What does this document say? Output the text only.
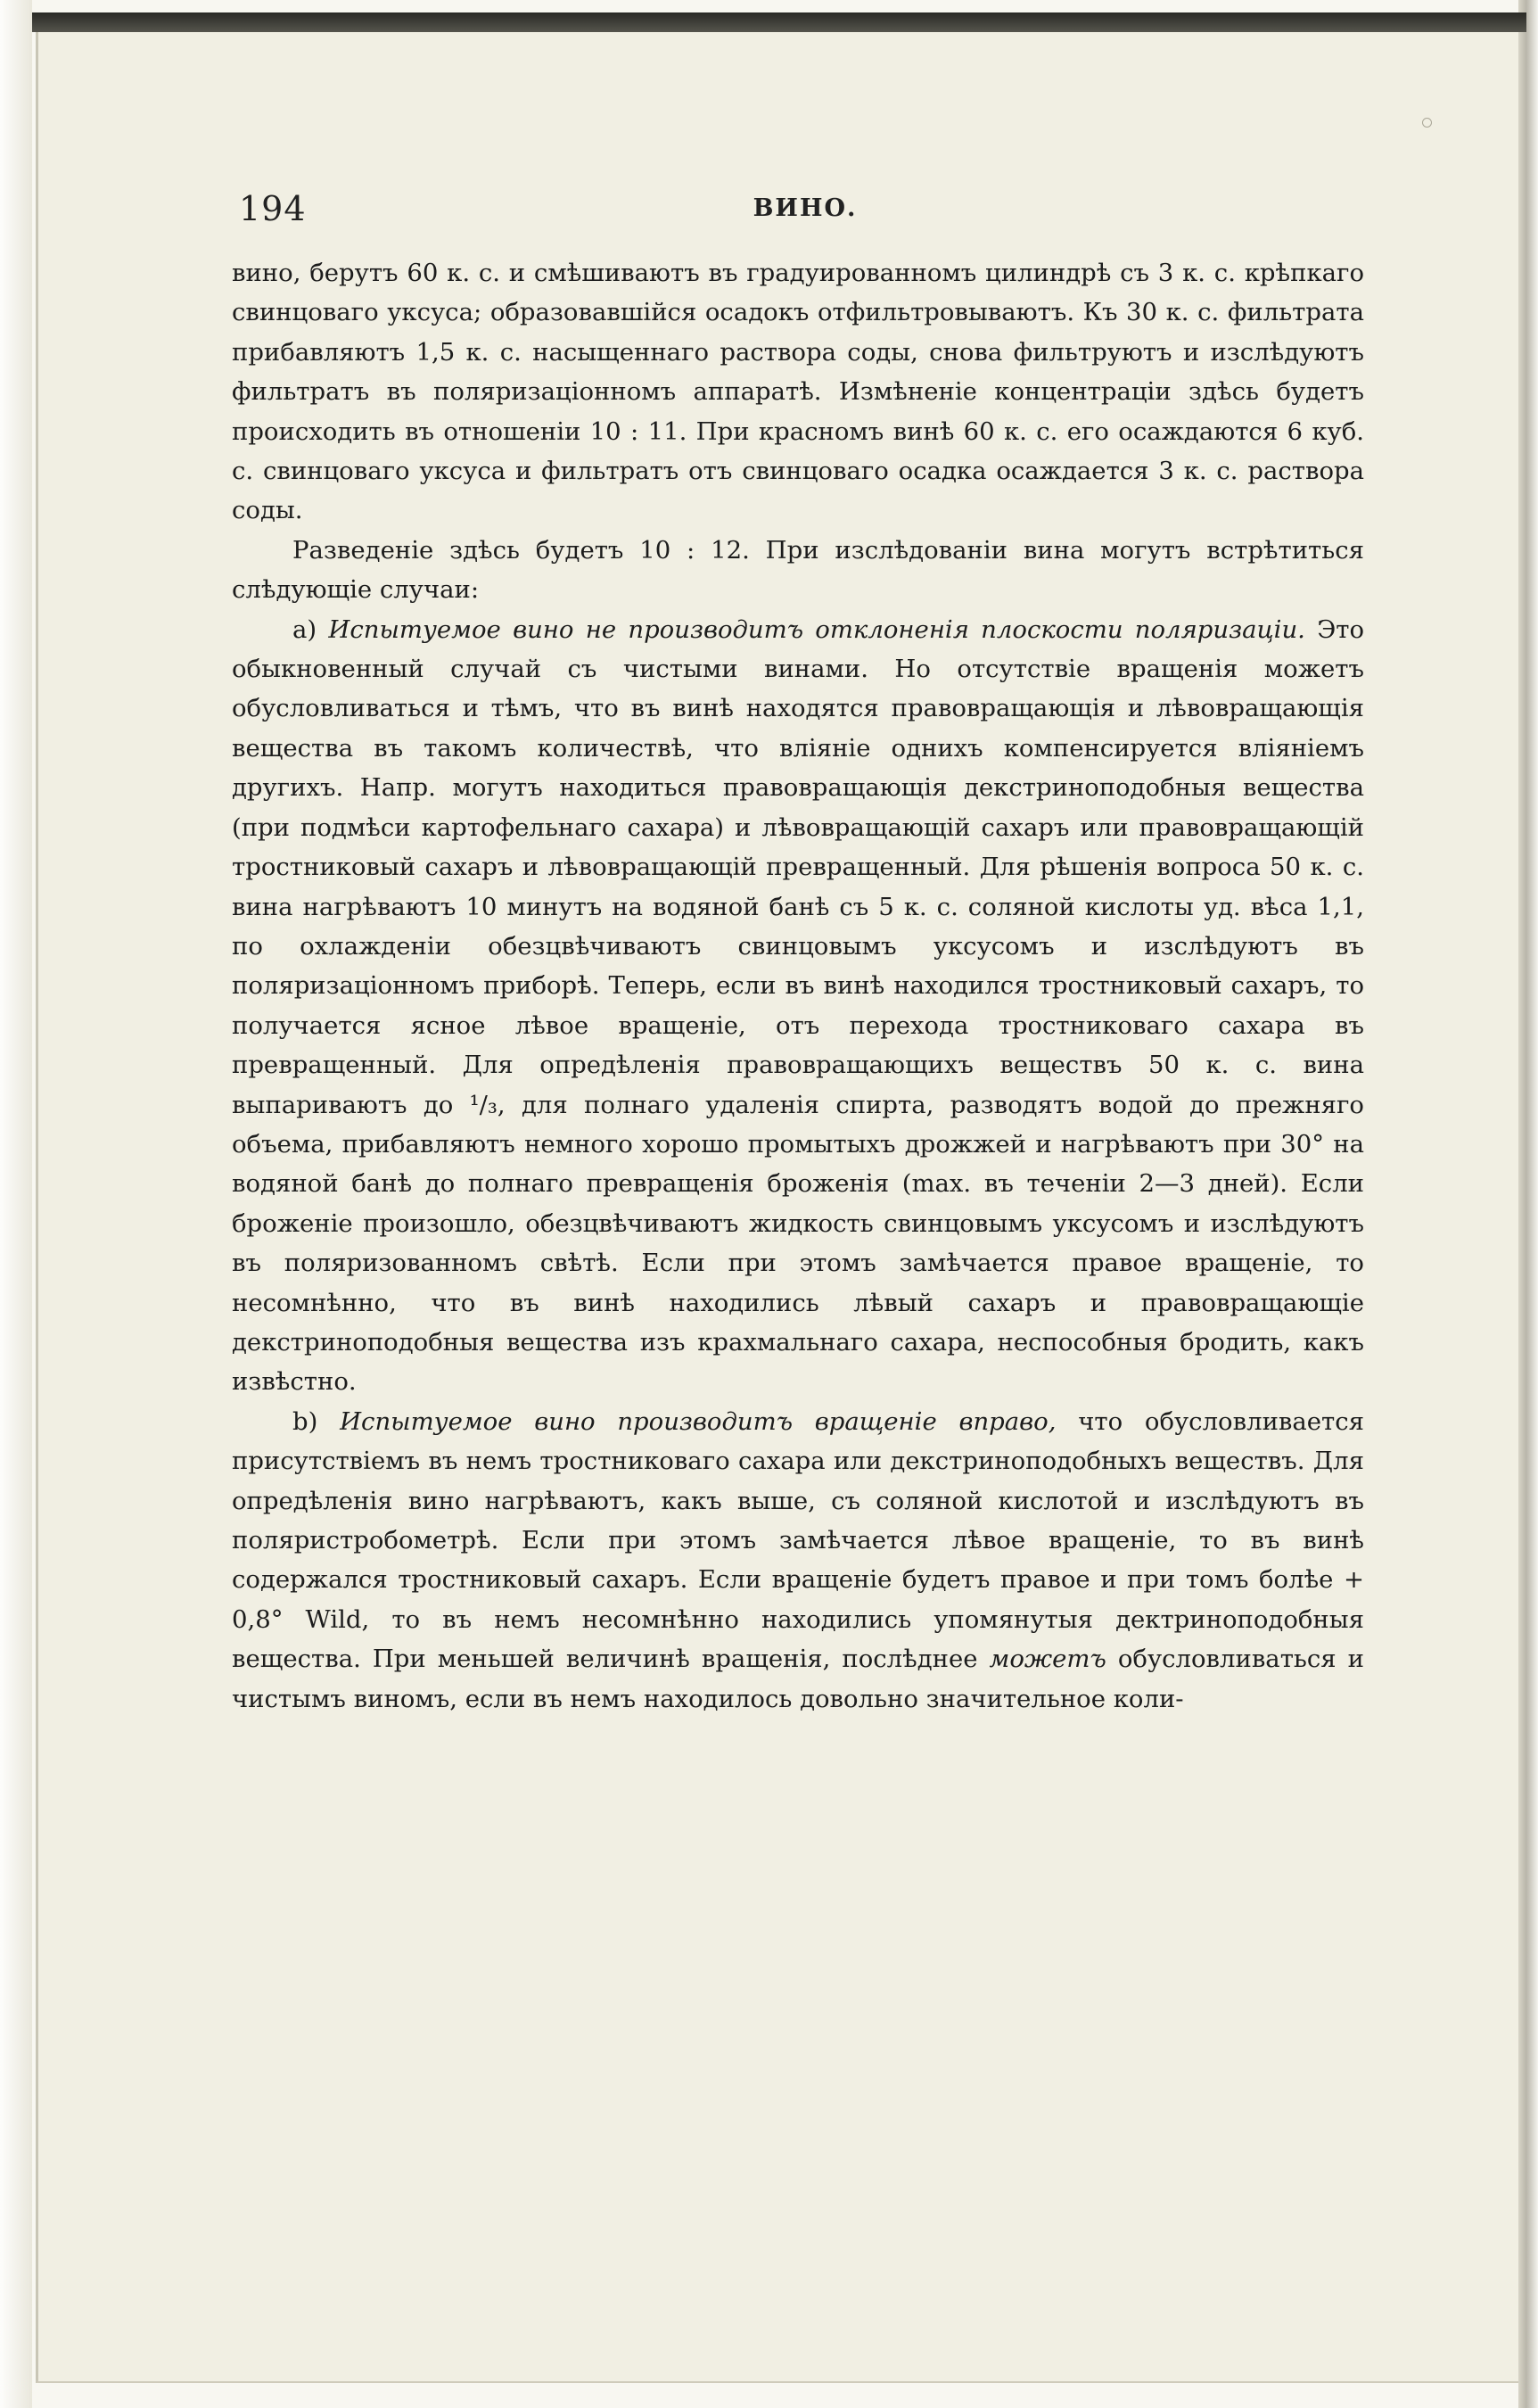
194	ВИНО.

вино, берутъ 60 к. с. и смѣшиваютъ въ градуированномъ цилиндрѣ съ 3 к. с. крѣпкаго свинцоваго уксуса; образовавшійся осадокъ отфильтровываютъ. Къ 30 к. с. фильтрата прибавляютъ 1,5 к. с. насыщеннаго раствора соды, снова фильтруютъ и изслѣдуютъ фильтратъ въ поляризаціонномъ аппаратѣ. Измѣненіе концентраціи здѣсь будетъ происходить въ отношеніи 10 : 11. При красномъ винѣ 60 к. с. его осаждаются 6 куб. с. свинцоваго уксуса и фильтратъ отъ свинцоваго осадка осаждается 3 к. с. раствора соды.

Разведеніе здѣсь будетъ 10 : 12. При изслѣдованіи вина могутъ встрѣтиться слѣдующіе случаи:

a) Испытуемое вино не производитъ отклоненія плоскости поляризаціи. Это обыкновенный случай съ чистыми винами. Но отсутствіе вращенія можетъ обусловливаться и тѣмъ, что въ винѣ находятся правовращающія и лѣвовращающія вещества въ такомъ количествѣ, что вліяніе однихъ компенсируется вліяніемъ другихъ. Напр. могутъ находиться правовращающія декстриноподобныя вещества (при подмѣси картофельнаго сахара) и лѣвовращающій сахаръ или правовращающій тростниковый сахаръ и лѣвовращающій превращенный. Для рѣшенія вопроса 50 к. с. вина нагрѣваютъ 10 минутъ на водяной банѣ съ 5 к. с. соляной кислоты уд. вѣса 1,1, по охлажденіи обезцвѣчиваютъ свинцовымъ уксусомъ и изслѣдуютъ въ поляризаціонномъ приборѣ. Теперь, если въ винѣ находился тростниковый сахаръ, то получается ясное лѣвое вращеніе, отъ перехода тростниковаго сахара въ превращенный. Для опредѣленія правовращающихъ веществъ 50 к. с. вина выпариваютъ до ¹/₃, для полнаго удаленія спирта, разводятъ водой до прежняго объема, прибавляютъ немного хорошо промытыхъ дрожжей и нагрѣваютъ при 30° на водяной банѣ до полнаго превращенія броженія (max. въ теченіи 2—3 дней). Если броженіе произошло, обезцвѣчиваютъ жидкость свинцовымъ уксусомъ и изслѣдуютъ въ поляризованномъ свѣтѣ. Если при этомъ замѣчается правое вращеніе, то несомнѣнно, что въ винѣ находились лѣвый сахаръ и правовращающіе декстриноподобныя вещества изъ крахмальнаго сахара, неспособныя бродить, какъ извѣстно.

b) Испытуемое вино производитъ вращеніе вправо, что обусловливается присутствіемъ въ немъ тростниковаго сахара или декстриноподобныхъ веществъ. Для опредѣленія вино нагрѣваютъ, какъ выше, съ соляной кислотой и изслѣдуютъ въ поляристробометрѣ. Если при этомъ замѣчается лѣвое вращеніе, то въ винѣ содержался тростниковый сахаръ. Если вращеніе будетъ правое и при томъ болѣе + 0,8° Wild, то въ немъ несомнѣнно находились упомянутыя дектриноподобныя вещества. При меньшей величинѣ вращенія, послѣднее можетъ обусловливаться и чистымъ виномъ, если въ немъ находилось довольно значительное коли-
